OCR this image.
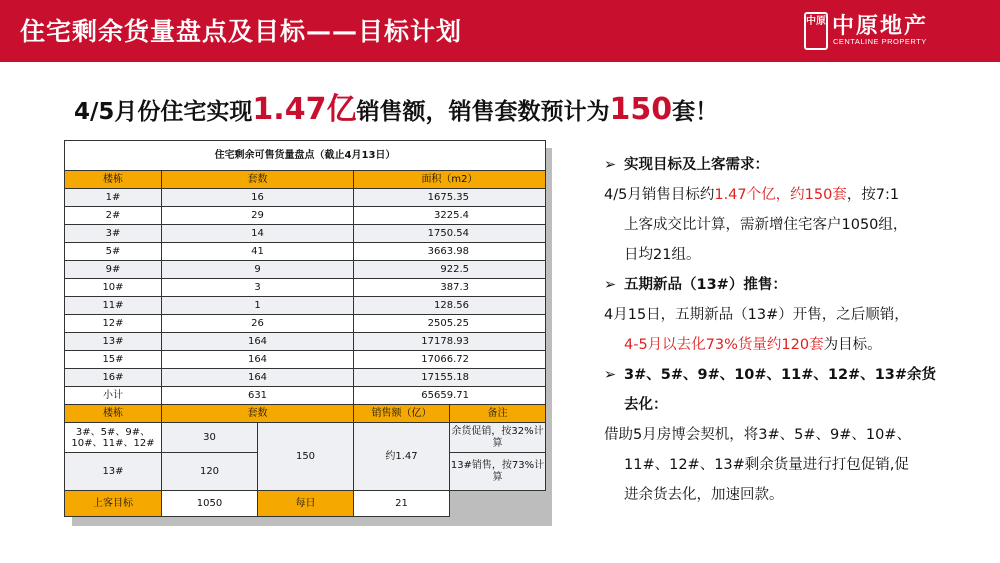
住宅剩余货量盘点及目标——目标计划	中原 中原地产
CENTALINE PROPERTY
4/5月份住宅实现1.47亿销售额，销售套数预计为150套！
住宅剩余可售货量盘点（截止4月13日）				
楼栋	套数		面积（m2）	
1#	16		1675.35	
2#	29		3225.4	
3#	14		1750.54	
5#	41		3663.98	
9#	9		922.5	
10#	3		387.3	
11#	1		128.56	
12#	26		2505.25	
13#	164		17178.93	
15#	164		17066.72	
16#	164		17155.18	
小计	631		65659.71	
楼栋	套数		销售额（亿）	备注
3#、5#、9#、10#、11#、12#	30	150	约1.47	余货促销，按32%计算
13#	120			13#销售，按73%计算
上客目标	1050	每日	21	
➢ 实现目标及上客需求：
4/5月销售目标约1.47个亿，约150套，按7:1
上客成交比计算，需新增住宅客户1050组，
日均21组。
➢ 五期新品（13#）推售：
4月15日，五期新品（13#）开售，之后顺销，
4-5月以去化73%货量约120套为目标。
➢ 3#、5#、9#、10#、11#、12#、13#余货
去化：
借助5月房博会契机，将3#、5#、9#、10#、
11#、12#、13#剩余货量进行打包促销,促
进余货去化，加速回款。
